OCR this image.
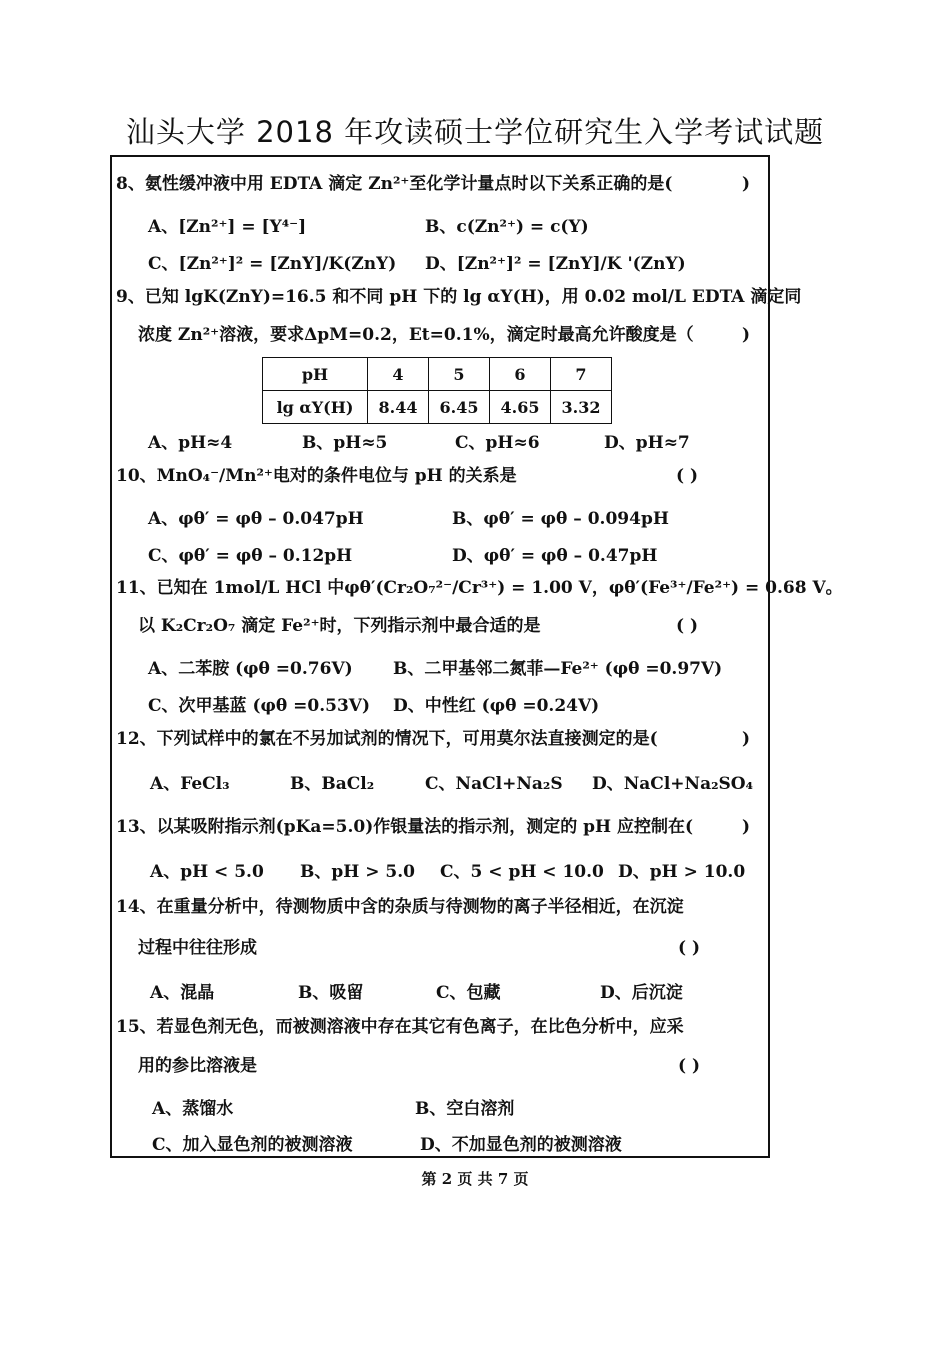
汕头大学 2018 年攻读硕士学位研究生入学考试试题
8、氨性缓冲液中用 EDTA 滴定 Zn²⁺至化学计量点时以下关系正确的是(	)
A、[Zn²⁺] = [Y⁴⁻]	B、c(Zn²⁺) = c(Y)
C、[Zn²⁺]² = [ZnY]/K(ZnY) D、[Zn²⁺]² = [ZnY]/K '(ZnY)
9、已知 lgK(ZnY)=16.5 和不同 pH 下的 lg αY(H)，用 0.02 mol/L EDTA 滴定同
浓度 Zn²⁺溶液，要求ΔpM=0.2，Et=0.1%，滴定时最高允许酸度是（	)
pH	4	5	6	7
lg αY(H)	8.44	6.45	4.65	3.32
A、pH≈4	B、pH≈5	C、pH≈6	D、pH≈7
10、MnO₄⁻/Mn²⁺电对的条件电位与 pH 的关系是	( )
A、φθ′ = φθ – 0.047pH	B、φθ′ = φθ – 0.094pH
C、φθ′ = φθ – 0.12pH	D、φθ′ = φθ – 0.47pH
11、已知在 1mol/L HCl 中φθ′(Cr₂O₇²⁻/Cr³⁺) = 1.00 V，φθ′(Fe³⁺/Fe²⁺) = 0.68 V。
以 K₂Cr₂O₇ 滴定 Fe²⁺时，下列指示剂中最合适的是	( )
A、二苯胺 (φθ =0.76V) B、二甲基邻二氮菲—Fe²⁺ (φθ =0.97V)
C、次甲基蓝 (φθ =0.53V) D、中性红 (φθ =0.24V)
12、下列试样中的氯在不另加试剂的情况下，可用莫尔法直接测定的是(	)
A、FeCl₃	B、BaCl₂	C、NaCl+Na₂S D、NaCl+Na₂SO₄
13、以某吸附指示剂(pKa=5.0)作银量法的指示剂，测定的 pH 应控制在(	)
A、pH < 5.0 B、pH > 5.0 C、5 < pH < 10.0 D、pH > 10.0
14、在重量分析中，待测物质中含的杂质与待测物的离子半径相近，在沉淀
过程中往往形成	( )
A、混晶	B、吸留	C、包藏	D、后沉淀
15、若显色剂无色，而被测溶液中存在其它有色离子，在比色分析中，应采
用的参比溶液是	( )
A、蒸馏水	B、空白溶剂
C、加入显色剂的被测溶液	D、不加显色剂的被测溶液
第 2 页 共 7 页
